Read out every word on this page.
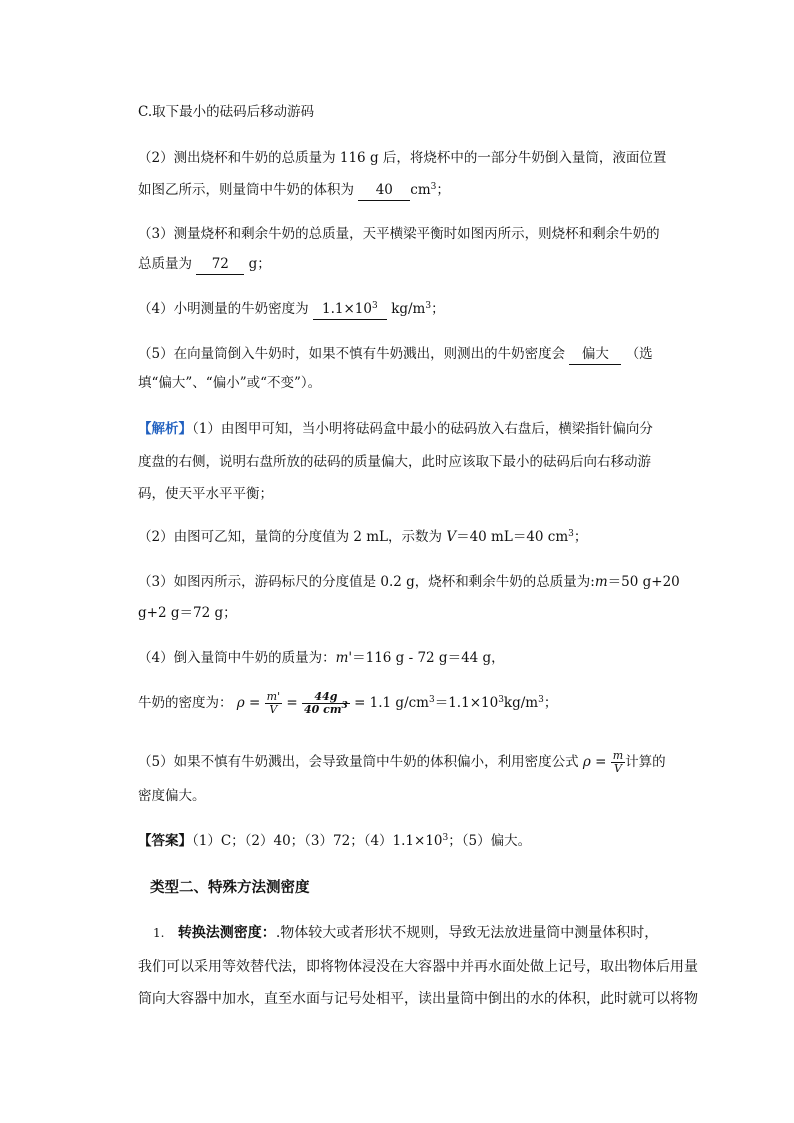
C.取下最小的砝码后移动游码
（2）测出烧杯和牛奶的总质量为 116 g 后，将烧杯中的一部分牛奶倒入量筒，液面位置
如图乙所示，则量筒中牛奶的体积为 40 $cm^3$；
（3）测量烧杯和剩余牛奶的总质量，天平横梁平衡时如图丙所示，则烧杯和剩余牛奶的
总质量为 72 g；
（4）小明测量的牛奶密度为 $1.1\times 10^3$ $kg/m^3$；
（5）在向量筒倒入牛奶时，如果不慎有牛奶溅出，则测出的牛奶密度会 偏大 （选
填“偏大”、“偏小”或“不变”）。
【解析】（1）由图甲可知，当小明将砝码盒中最小的砝码放入右盘后，横梁指针偏向分
度盘的右侧，说明右盘所放的砝码的质量偏大，此时应该取下最小的砝码后向右移动游
码，使天平水平平衡；
（2）由图可乙知，量筒的分度值为 2 mL，示数为 V＝40 mL＝40 $cm^3$；
（3）如图丙所示，游码标尺的分度值是 0.2 g，烧杯和剩余牛奶的总质量为:m＝50 g+20
g+2 g＝72 g；
（4）倒入量筒中牛奶的质量为：m'＝116 g - 72 g＝44 g，
牛奶的密度为： $\rho = \frac{m'}{V} = \frac{44g}{40 cm^3} = 1.1$ $g/cm^3=1.1\times 10^3kg/m^3$；
（5）如果不慎有牛奶溅出，会导致量筒中牛奶的体积偏小，利用密度公式 $\rho = \frac{m}{V}$ 计算的
密度偏大。
【答案】（1）C；（2）40；（3）72；$(4)1.1\times 10^3$；（5）偏大。
类型二、特殊方法测密度
1. 转换法测密度：.物体较大或者形状不规则，导致无法放进量筒中测量体积时，
我们可以采用等效替代法，即将物体浸没在大容器中并再水面处做上记号，取出物体后用量
筒向大容器中加水，直至水面与记号处相平，读出量筒中倒出的水的体积，此时就可以将物
